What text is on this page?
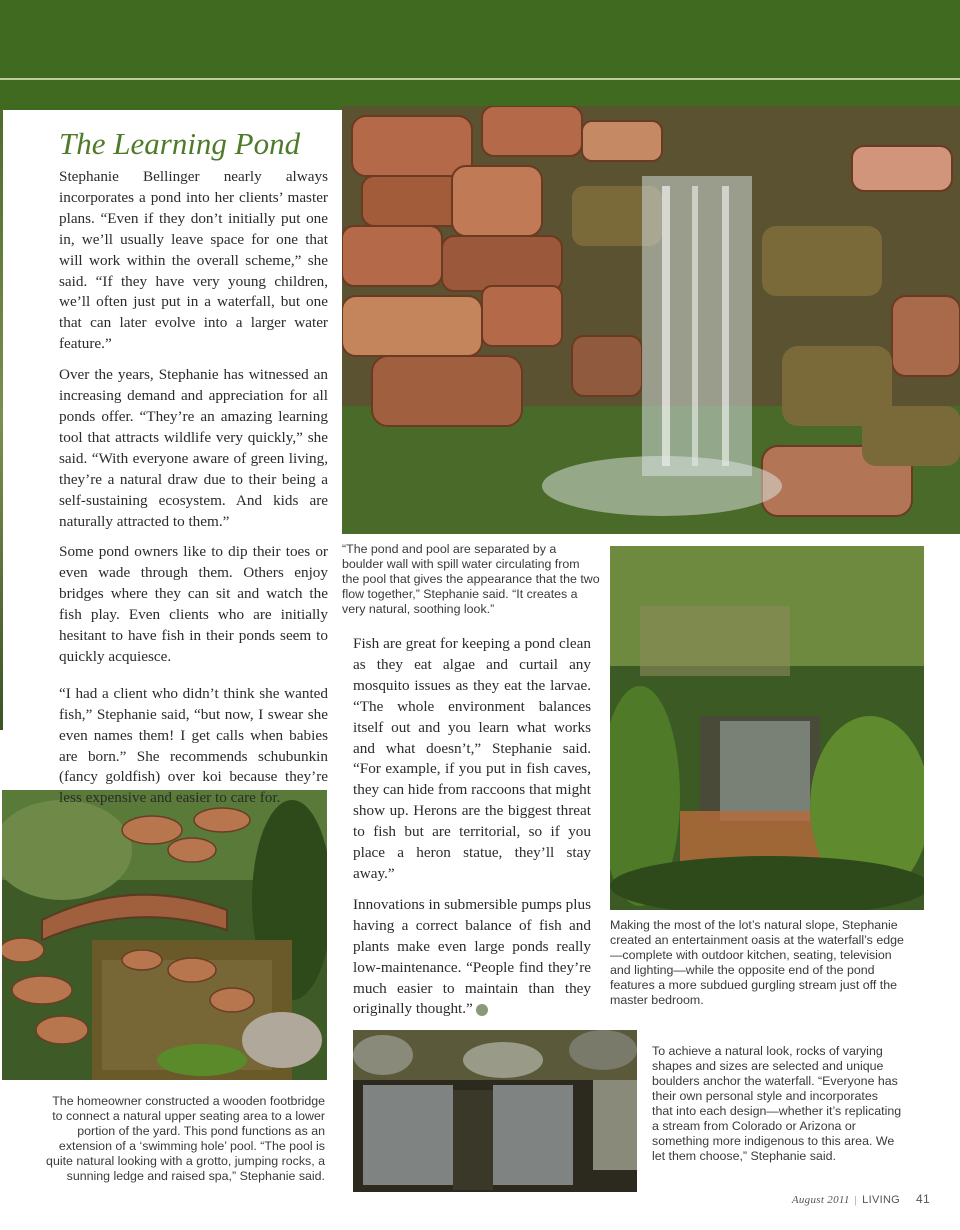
The Learning Pond

Stephanie Bellinger nearly always incorporates a pond into her clients’ master plans. “Even if they don’t initially put one in, we’ll usually leave space for one that will work within the overall scheme,” she said. “If they have very young children, we’ll often just put in a waterfall, but one that can later evolve into a larger water feature.”

Over the years, Stephanie has witnessed an increasing demand and appreciation for all ponds offer. “They’re an amazing learning tool that attracts wildlife very quickly,” she said. “With everyone aware of green living, they’re a natural draw due to their being a self-sustaining ecosystem. And kids are naturally attracted to them.”

Some pond owners like to dip their toes or even wade through them. Others enjoy bridges where they can sit and watch the fish play. Even clients who are initially hesitant to have fish in their ponds seem to quickly acquiesce.

“I had a client who didn’t think she wanted fish,” Stephanie said, “but now, I swear she even names them! I get calls when babies are born.” She recommends schubunkin (fancy goldfish) over koi because they’re less expensive and easier to care for.

Fish are great for keeping a pond clean as they eat algae and curtail any mosquito issues as they eat the larvae. “The whole environment balances itself out and you learn what works and what doesn’t,” Stephanie said. “For example, if you put in fish caves, they can hide from raccoons that might show up. Herons are the biggest threat to fish but are territorial, so if you place a heron statue, they’ll stay away.”

Innovations in submersible pumps plus having a correct balance of fish and plants make even large ponds really low-maintenance. “People find they’re much easier to maintain than they originally thought.”

“The pond and pool are separated by a boulder wall with spill water circulating from the pool that gives the appearance that the two flow together,” Stephanie said. “It creates a very natural, soothing look.”
Making the most of the lot’s natural slope, Stephanie created an entertainment oasis at the waterfall’s edge—complete with outdoor kitchen, seating, television and lighting—while the opposite end of the pond features a more subdued gurgling stream just off the master bedroom.
The homeowner constructed a wooden footbridge to connect a natural upper seating area to a lower portion of the yard. This pond functions as an extension of a ‘swimming hole’ pool. “The pool is quite natural looking with a grotto, jumping rocks, a sunning ledge and raised spa,” Stephanie said.
To achieve a natural look, rocks of varying shapes and sizes are selected and unique boulders anchor the waterfall. “Everyone has their own personal style and incorporates that into each design—whether it’s replicating a stream from Colorado or Arizona or something more indigenous to this area. We let them choose,” Stephanie said.
August 2011 | LIVING 41
